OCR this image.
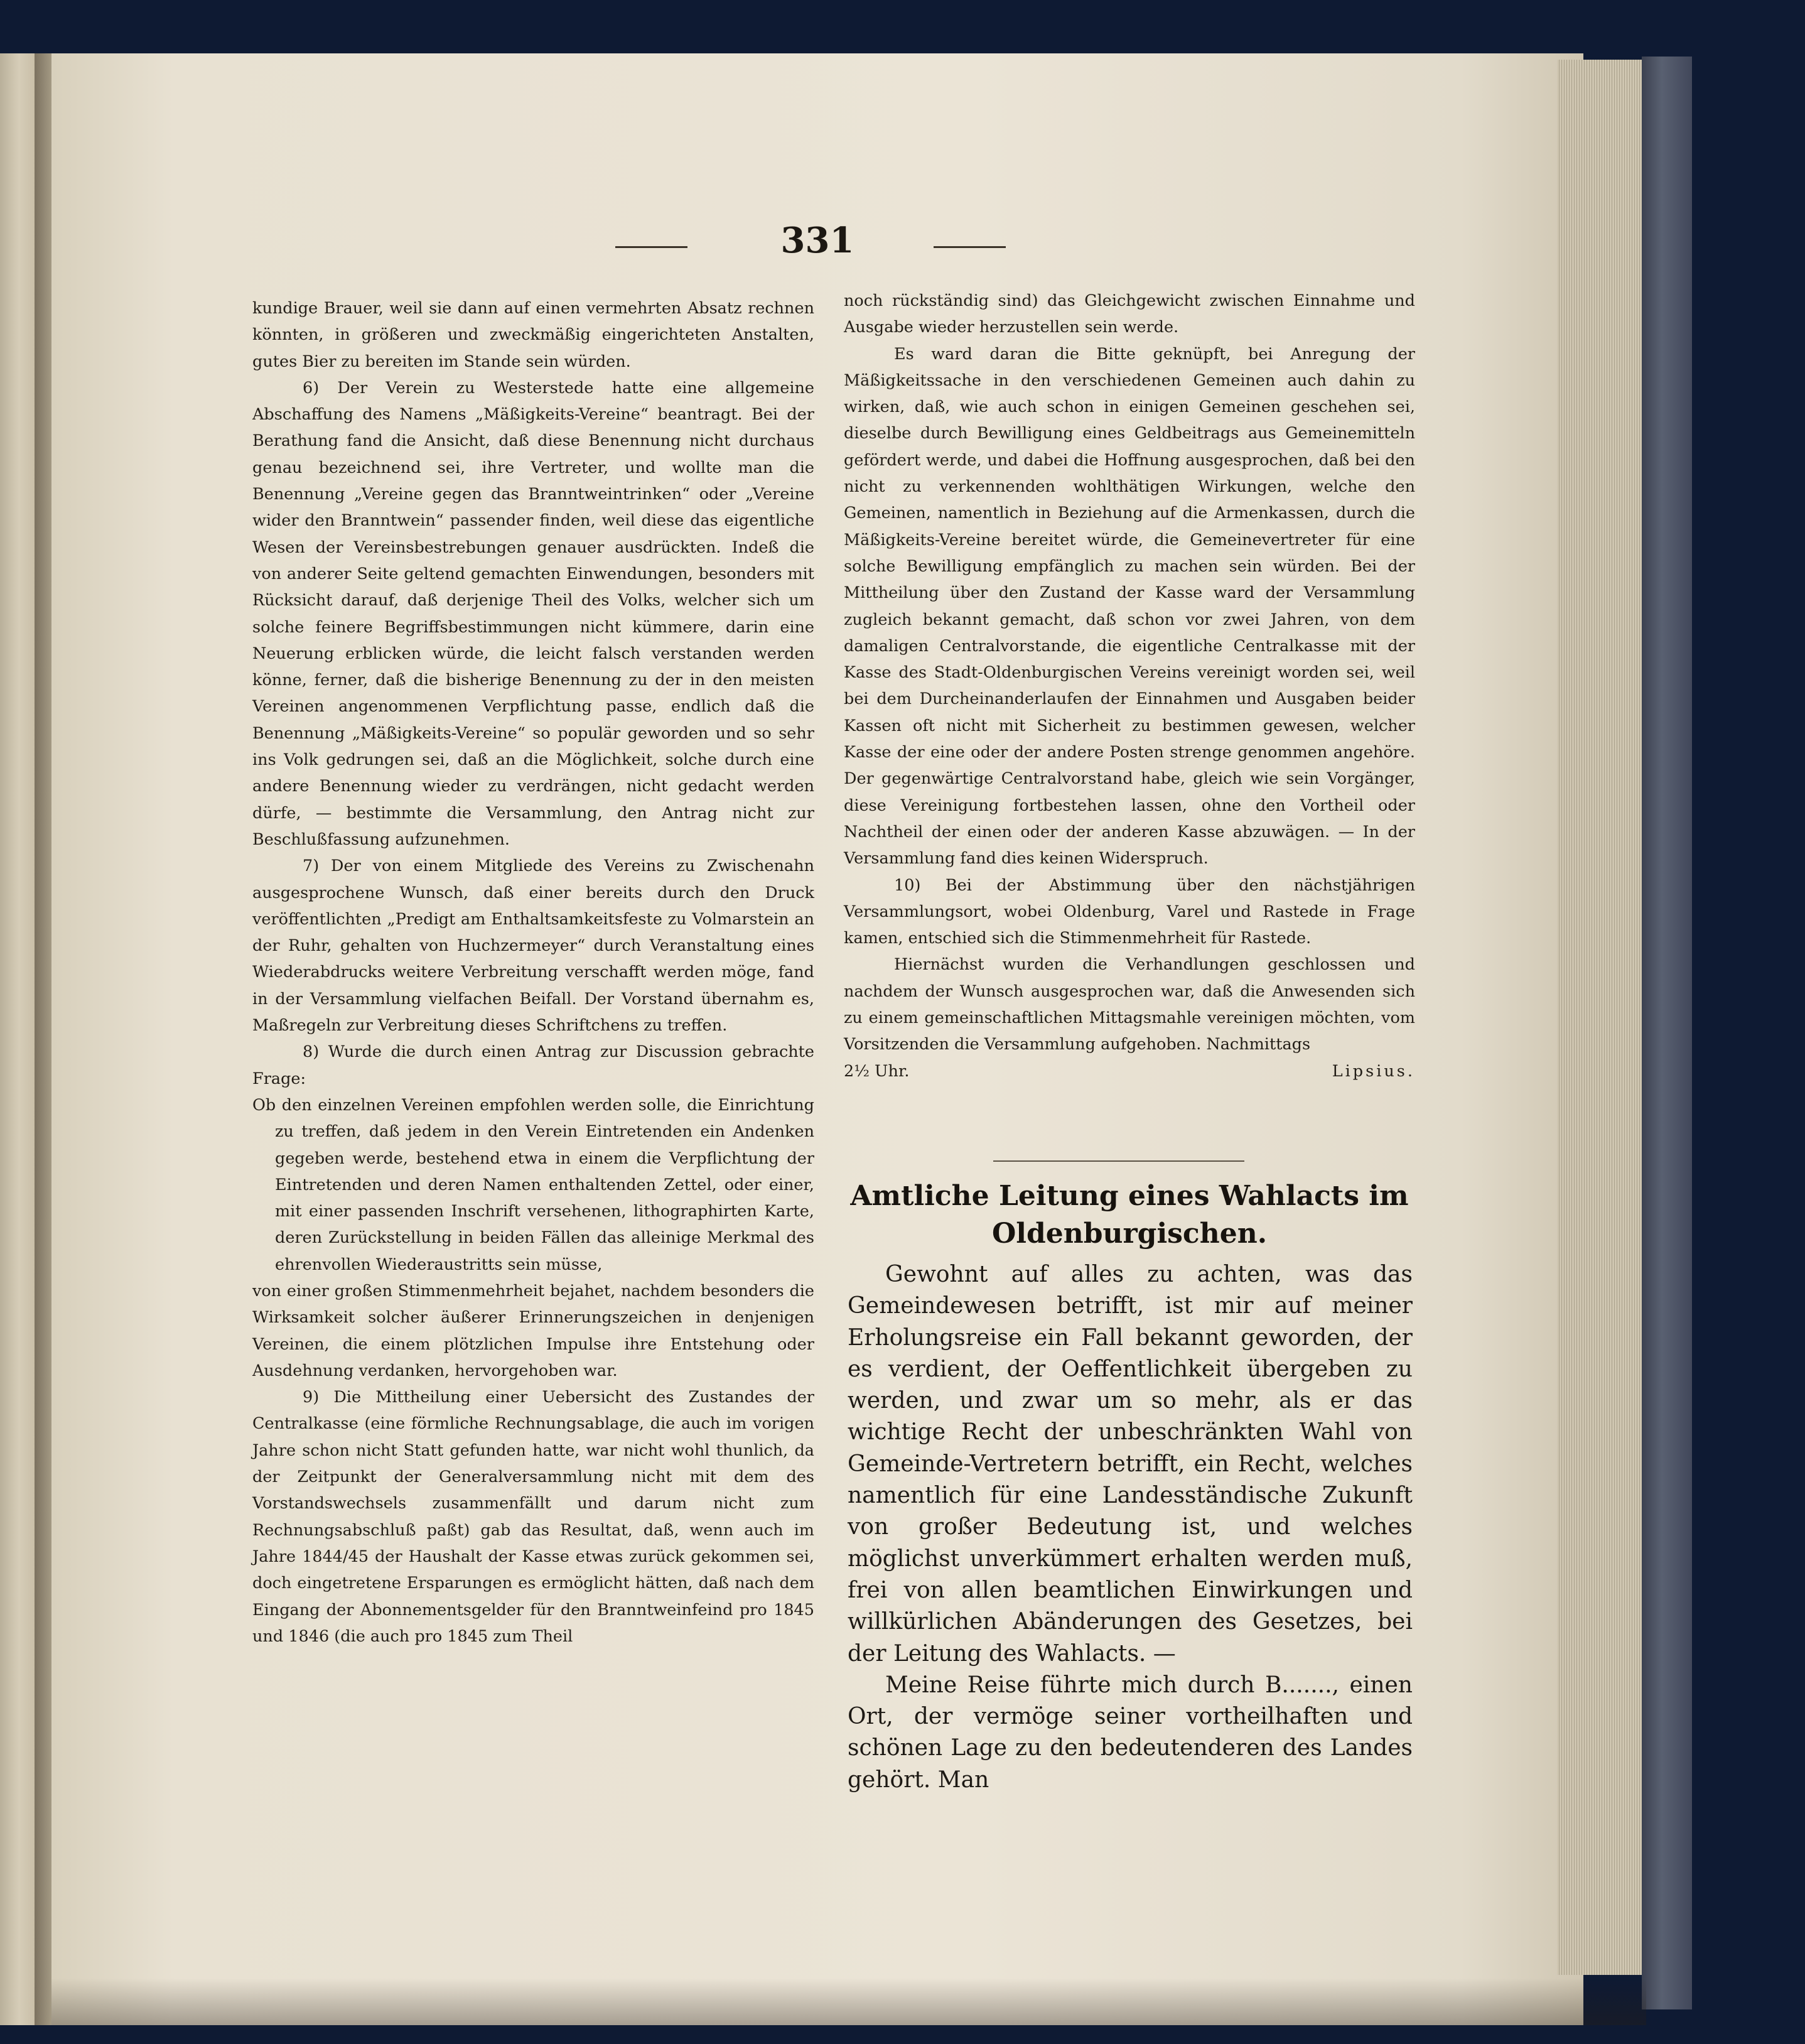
331

kundige Brauer, weil sie dann auf einen vermehrten Absatz rechnen könnten, in größeren und zweckmäßig eingerichteten Anstalten, gutes Bier zu bereiten im Stande sein würden.

6) Der Verein zu Westerstede hatte eine allgemeine Abschaffung des Namens „Mäßigkeits-Vereine“ beantragt. Bei der Berathung fand die Ansicht, daß diese Benennung nicht durchaus genau bezeichnend sei, ihre Vertreter, und wollte man die Benennung „Vereine gegen das Branntweintrinken“ oder „Vereine wider den Branntwein“ passender finden, weil diese das eigentliche Wesen der Vereinsbestrebungen genauer ausdrückten. Indeß die von anderer Seite geltend gemachten Einwendungen, besonders mit Rücksicht darauf, daß derjenige Theil des Volks, welcher sich um solche feinere Begriffsbestimmungen nicht kümmere, darin eine Neuerung erblicken würde, die leicht falsch verstanden werden könne, ferner, daß die bisherige Benennung zu der in den meisten Vereinen angenommenen Verpflichtung passe, endlich daß die Benennung „Mäßigkeits-Vereine“ so populär geworden und so sehr ins Volk gedrungen sei, daß an die Möglichkeit, solche durch eine andere Benennung wieder zu verdrängen, nicht gedacht werden dürfe, — bestimmte die Versammlung, den Antrag nicht zur Beschlußfassung aufzunehmen.

7) Der von einem Mitgliede des Vereins zu Zwischenahn ausgesprochene Wunsch, daß einer bereits durch den Druck veröffentlichten „Predigt am Enthaltsamkeitsfeste zu Volmarstein an der Ruhr, gehalten von Huchzermeyer“ durch Veranstaltung eines Wiederabdrucks weitere Verbreitung verschafft werden möge, fand in der Versammlung vielfachen Beifall. Der Vorstand übernahm es, Maßregeln zur Verbreitung dieses Schriftchens zu treffen.

8) Wurde die durch einen Antrag zur Discussion gebrachte Frage:

Ob den einzelnen Vereinen empfohlen werden solle, die Einrichtung zu treffen, daß jedem in den Verein Eintretenden ein Andenken gegeben werde, bestehend etwa in einem die Verpflichtung der Eintretenden und deren Namen enthaltenden Zettel, oder einer, mit einer passenden Inschrift versehenen, lithographirten Karte, deren Zurückstellung in beiden Fällen das alleinige Merkmal des ehrenvollen Wiederaustritts sein müsse,

von einer großen Stimmenmehrheit bejahet, nachdem besonders die Wirksamkeit solcher äußerer Erinnerungszeichen in denjenigen Vereinen, die einem plötzlichen Impulse ihre Entstehung oder Ausdehnung verdanken, hervorgehoben war.

9) Die Mittheilung einer Uebersicht des Zustandes der Centralkasse (eine förmliche Rechnungsablage, die auch im vorigen Jahre schon nicht Statt gefunden hatte, war nicht wohl thunlich, da der Zeitpunkt der Generalversammlung nicht mit dem des Vorstandswechsels zusammenfällt und darum nicht zum Rechnungsabschluß paßt) gab das Resultat, daß, wenn auch im Jahre 1844/45 der Haushalt der Kasse etwas zurück gekommen sei, doch eingetretene Ersparungen es ermöglicht hätten, daß nach dem Eingang der Abonnementsgelder für den Branntweinfeind pro 1845 und 1846 (die auch pro 1845 zum Theil

noch rückständig sind) das Gleichgewicht zwischen Einnahme und Ausgabe wieder herzustellen sein werde.

Es ward daran die Bitte geknüpft, bei Anregung der Mäßigkeitssache in den verschiedenen Gemeinen auch dahin zu wirken, daß, wie auch schon in einigen Gemeinen geschehen sei, dieselbe durch Bewilligung eines Geldbeitrags aus Gemeinemitteln gefördert werde, und dabei die Hoffnung ausgesprochen, daß bei den nicht zu verkennenden wohlthätigen Wirkungen, welche den Gemeinen, namentlich in Beziehung auf die Armenkassen, durch die Mäßigkeits-Vereine bereitet würde, die Gemeinevertreter für eine solche Bewilligung empfänglich zu machen sein würden. Bei der Mittheilung über den Zustand der Kasse ward der Versammlung zugleich bekannt gemacht, daß schon vor zwei Jahren, von dem damaligen Centralvorstande, die eigentliche Centralkasse mit der Kasse des Stadt-Oldenburgischen Vereins vereinigt worden sei, weil bei dem Durcheinanderlaufen der Einnahmen und Ausgaben beider Kassen oft nicht mit Sicherheit zu bestimmen gewesen, welcher Kasse der eine oder der andere Posten strenge genommen angehöre. Der gegenwärtige Centralvorstand habe, gleich wie sein Vorgänger, diese Vereinigung fortbestehen lassen, ohne den Vortheil oder Nachtheil der einen oder der anderen Kasse abzuwägen. — In der Versammlung fand dies keinen Widerspruch.

10) Bei der Abstimmung über den nächstjährigen Versammlungsort, wobei Oldenburg, Varel und Rastede in Frage kamen, entschied sich die Stimmenmehrheit für Rastede.

Hiernächst wurden die Verhandlungen geschlossen und nachdem der Wunsch ausgesprochen war, daß die Anwesenden sich zu einem gemeinschaftlichen Mittagsmahle vereinigen möchten, vom Vorsitzenden die Versammlung aufgehoben. Nachmittags

2½ Uhr.	Lipsius.
Amtliche Leitung eines Wahlacts im Oldenburgischen.

Gewohnt auf alles zu achten, was das Gemeindewesen betrifft, ist mir auf meiner Erholungsreise ein Fall bekannt geworden, der es verdient, der Oeffentlichkeit übergeben zu werden, und zwar um so mehr, als er das wichtige Recht der unbeschränkten Wahl von Gemeinde-Vertretern betrifft, ein Recht, welches namentlich für eine Landesständische Zukunft von großer Bedeutung ist, und welches möglichst unverkümmert erhalten werden muß, frei von allen beamtlichen Einwirkungen und willkürlichen Abänderungen des Gesetzes, bei der Leitung des Wahlacts. —

Meine Reise führte mich durch B......., einen Ort, der vermöge seiner vortheilhaften und schönen Lage zu den bedeutenderen des Landes gehört. Man
